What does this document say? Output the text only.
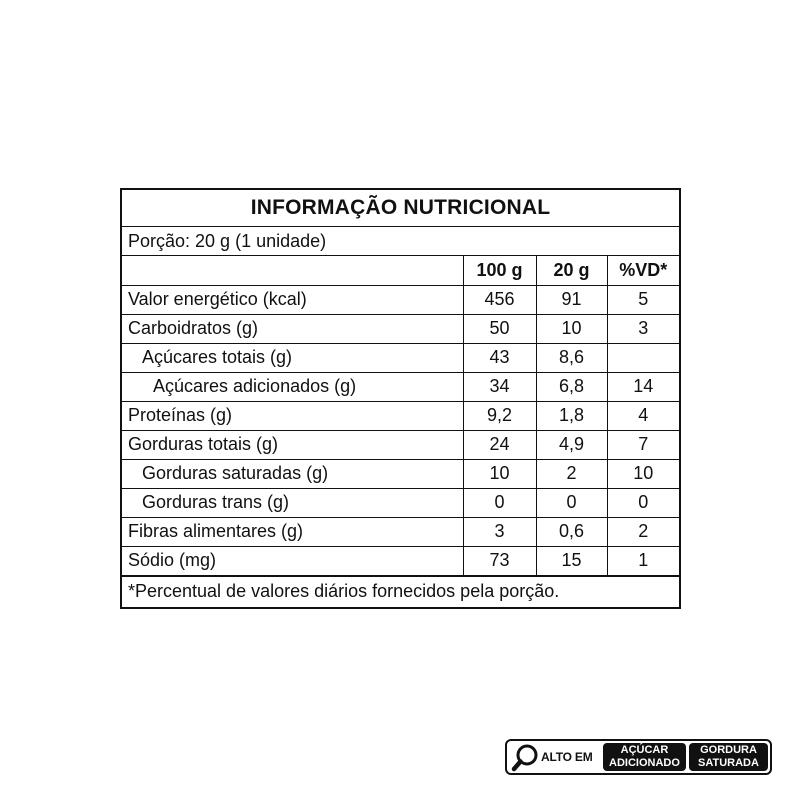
INFORMAÇÃO NUTRICIONAL
Porção: 20 g (1 unidade)
	100 g	20 g	%VD*
Valor energético (kcal)	456	91	5
Carboidratos (g)	50	10	3
Açúcares totais (g)	43	8,6	
Açúcares adicionados (g)	34	6,8	14
Proteínas (g)	9,2	1,8	4
Gorduras totais (g)	24	4,9	7
Gorduras saturadas (g)	10	2	10
Gorduras trans (g)	0	0	0
Fibras alimentares (g)	3	0,6	2
Sódio (mg)	73	15	1
*Percentual de valores diários fornecidos pela porção.
ALTO EM	AÇÚCAR
ADICIONADO
GORDURA
SATURADA
